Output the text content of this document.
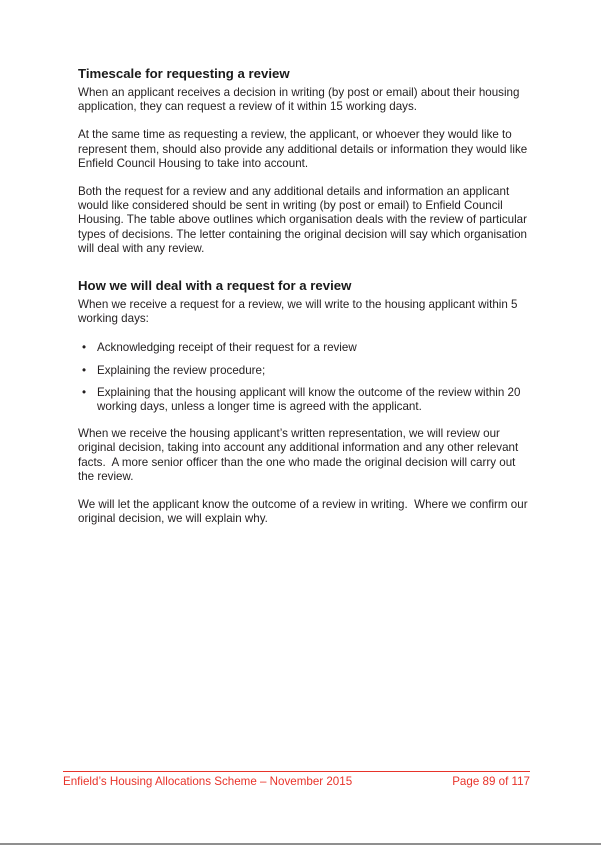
Timescale for requesting a review

When an applicant receives a decision in writing (by post or email) about their housing application, they can request a review of it within 15 working days.

At the same time as requesting a review, the applicant, or whoever they would like to represent them, should also provide any additional details or information they would like Enfield Council Housing to take into account.

Both the request for a review and any additional details and information an applicant would like considered should be sent in writing (by post or email) to Enfield Council Housing. The table above outlines which organisation deals with the review of particular types of decisions. The letter containing the original decision will say which organisation will deal with any review.

How we will deal with a request for a review

When we receive a request for a review, we will write to the housing applicant within 5 working days:

• Acknowledging receipt of their request for a review
• Explaining the review procedure;
• Explaining that the housing applicant will know the outcome of the review within 20 working days, unless a longer time is agreed with the applicant.

When we receive the housing applicant’s written representation, we will review our original decision, taking into account any additional information and any other relevant facts.  A more senior officer than the one who made the original decision will carry out the review.

We will let the applicant know the outcome of a review in writing.  Where we confirm our original decision, we will explain why.

Enfield’s Housing Allocations Scheme – November 2015	Page 89 of 117
